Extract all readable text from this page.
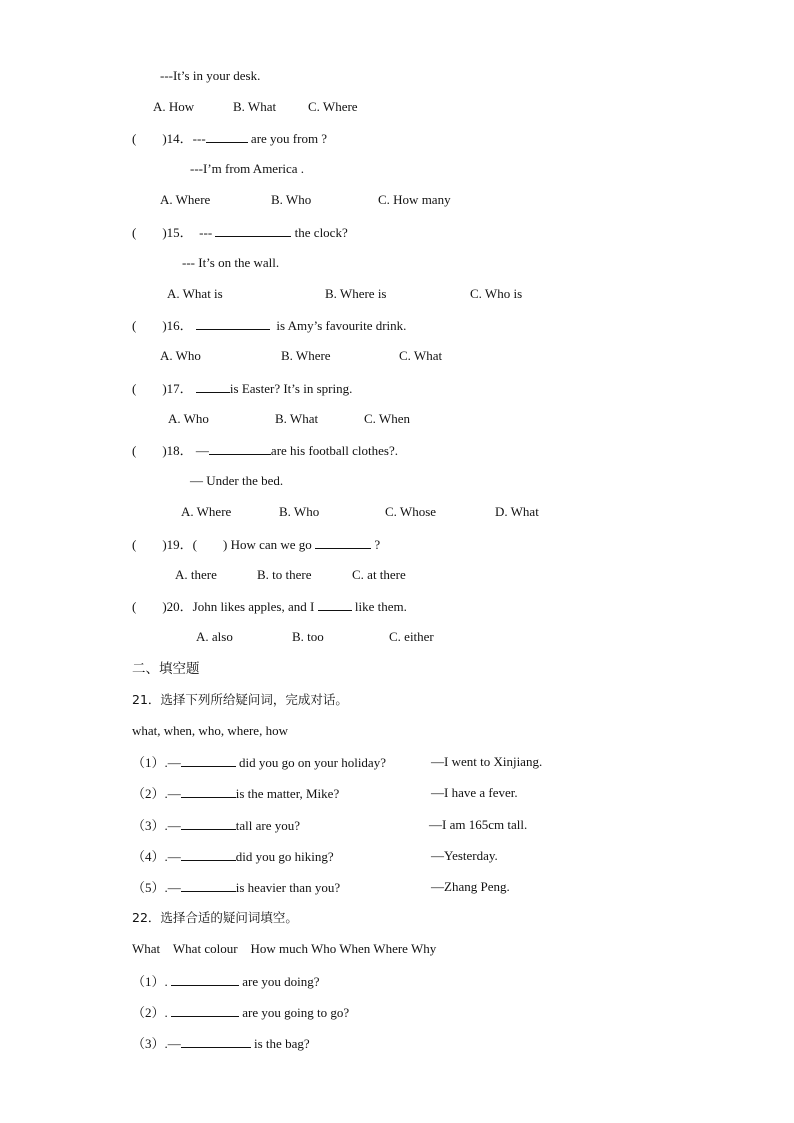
---It’s in your desk.
A. How	B. What C. Where
(        )14．---	are you from ?
---I’m from America .
A. Where	B. Who	C. How many
(        )15． ---	the clock?
--- It’s on the wall.
A. What is	B. Where is	C. Who is
(        )16．	is Amy’s favourite drink.
A. Who	B. Where	C. What
(        )17．	is Easter? It’s in spring.
A. Who	B. What	C. When
(        )18． —	are his football clothes?.
— Under the bed.
A. Where	B. Who	C. Whose	D. What
(        )19．(        ) How can we go	?
A. there	B. to there	C. at there
(        )20．John likes apples, and I	like them.
A. also	B. too	C. either
二、填空题
21．选择下列所给疑问词，完成对话。
what, when, who, where, how
（1）.—	did you go on your holiday?	—I went to Xinjiang.
（2）.—	is the matter, Mike?	—I have a fever.
（3）.—	tall are you?	—I am 165cm tall.
（4）.—	did you go hiking?	—Yesterday.
（5）.—	is heavier than you?	—Zhang Peng.
22．选择合适的疑问词填空。
What    What colour    How much Who When Where Why
（1）.	are you doing?
（2）.	are you going to go?
（3）.—	is the bag?
